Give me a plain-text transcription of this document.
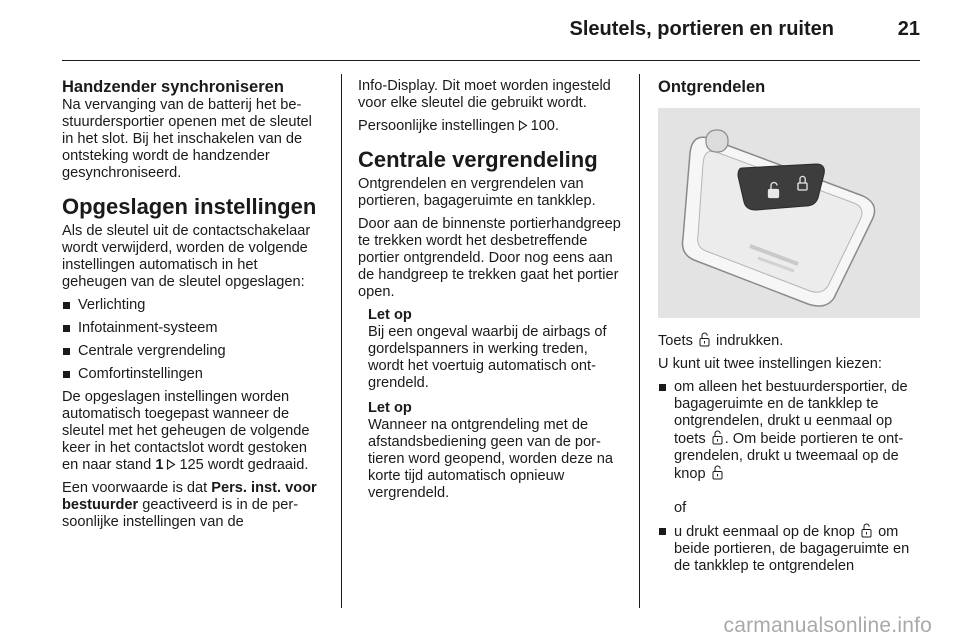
Sleutels, portieren en ruiten	21
Handzender synchroniseren

Na vervanging van de batterij het bestuurdersportier openen met de sleutel in het slot. Bij het inschakelen van de ontsteking wordt de handzender gesynchroniseerd.

Opgeslagen instellingen

Als de sleutel uit de contactschakelaar wordt verwijderd, worden de volgende instellingen automatisch in het geheugen van de sleutel opgeslagen:

Verlichting
Infotainment-systeem
Centrale vergrendeling
Comfortinstellingen

De opgeslagen instellingen worden automatisch toegepast wanneer de sleutel met het geheugen de volgende keer in het contactslot wordt gestoken en naar stand 1 125 wordt gedraaid.

Een voorwaarde is dat Pers. inst. voor bestuurder geactiveerd is in de persoonlijke instellingen van de

Info-Display. Dit moet worden ingesteld voor elke sleutel die gebruikt wordt.

Persoonlijke instellingen 100.

Centrale vergrendeling

Ontgrendelen en vergrendelen van portieren, bagageruimte en tankklep.

Door aan de binnenste portierhandgreep te trekken wordt het desbetreffende portier ontgrendeld. Door nog eens aan de handgreep te trekken gaat het portier open.

Let op
Bij een ongeval waarbij de airbags of gordelspanners in werking treden, wordt het voertuig automatisch ontgrendeld.
Let op
Wanneer na ontgrendeling met de afstandsbediening geen van de portieren word geopend, worden deze na korte tijd automatisch opnieuw vergrendeld.
Ontgrendelen

Toets indrukken.

U kunt uit twee instellingen kiezen:

om alleen het bestuurdersportier, de bagageruimte en de tankklep te ontgrendelen, drukt u eenmaal op toets . Om beide portieren te ontgrendelen, drukt u tweemaal op de knop

of
u drukt eenmaal op de knop om beide portieren, de bagageruimte en de tankklep te ontgrendelen
carmanualsonline.info
